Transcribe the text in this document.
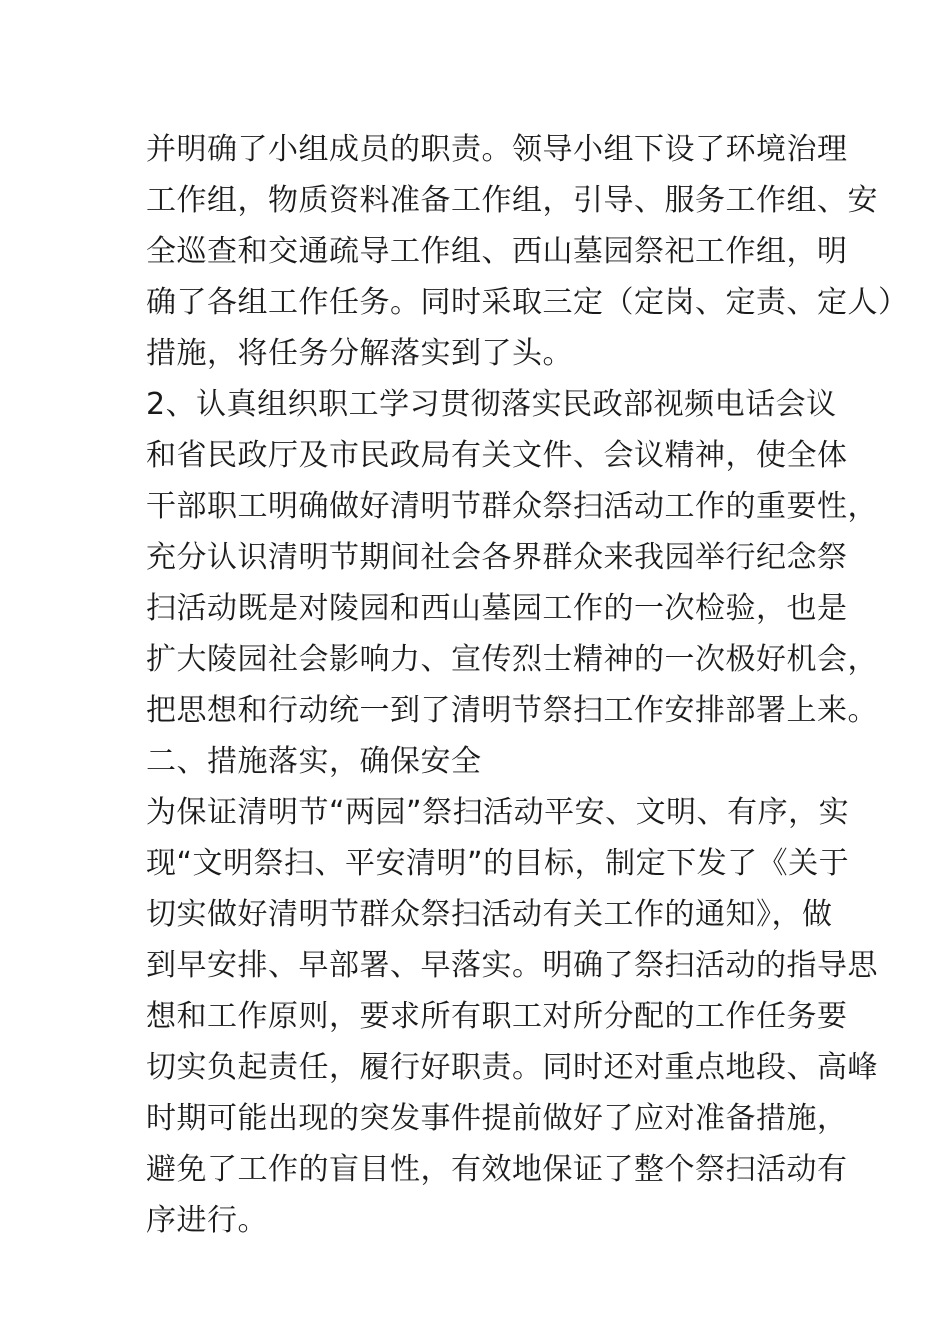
并明确了小组成员的职责。领导小组下设了环境治理
工作组，物质资料准备工作组，引导、服务工作组、安
全巡查和交通疏导工作组、西山墓园祭祀工作组，明
确了各组工作任务。同时采取三定（定岗、定责、定人）
措施，将任务分解落实到了头。
2、认真组织职工学习贯彻落实民政部视频电话会议
和省民政厅及市民政局有关文件、会议精神，使全体
干部职工明确做好清明节群众祭扫活动工作的重要性，
充分认识清明节期间社会各界群众来我园举行纪念祭
扫活动既是对陵园和西山墓园工作的一次检验，也是
扩大陵园社会影响力、宣传烈士精神的一次极好机会，
把思想和行动统一到了清明节祭扫工作安排部署上来。
二、措施落实，确保安全
为保证清明节“两园”祭扫活动平安、文明、有序，实
现“文明祭扫、平安清明”的目标，制定下发了《关于
切实做好清明节群众祭扫活动有关工作的通知》，做
到早安排、早部署、早落实。明确了祭扫活动的指导思
想和工作原则，要求所有职工对所分配的工作任务要
切实负起责任，履行好职责。同时还对重点地段、高峰
时期可能出现的突发事件提前做好了应对准备措施，
避免了工作的盲目性，有效地保证了整个祭扫活动有
序进行。
